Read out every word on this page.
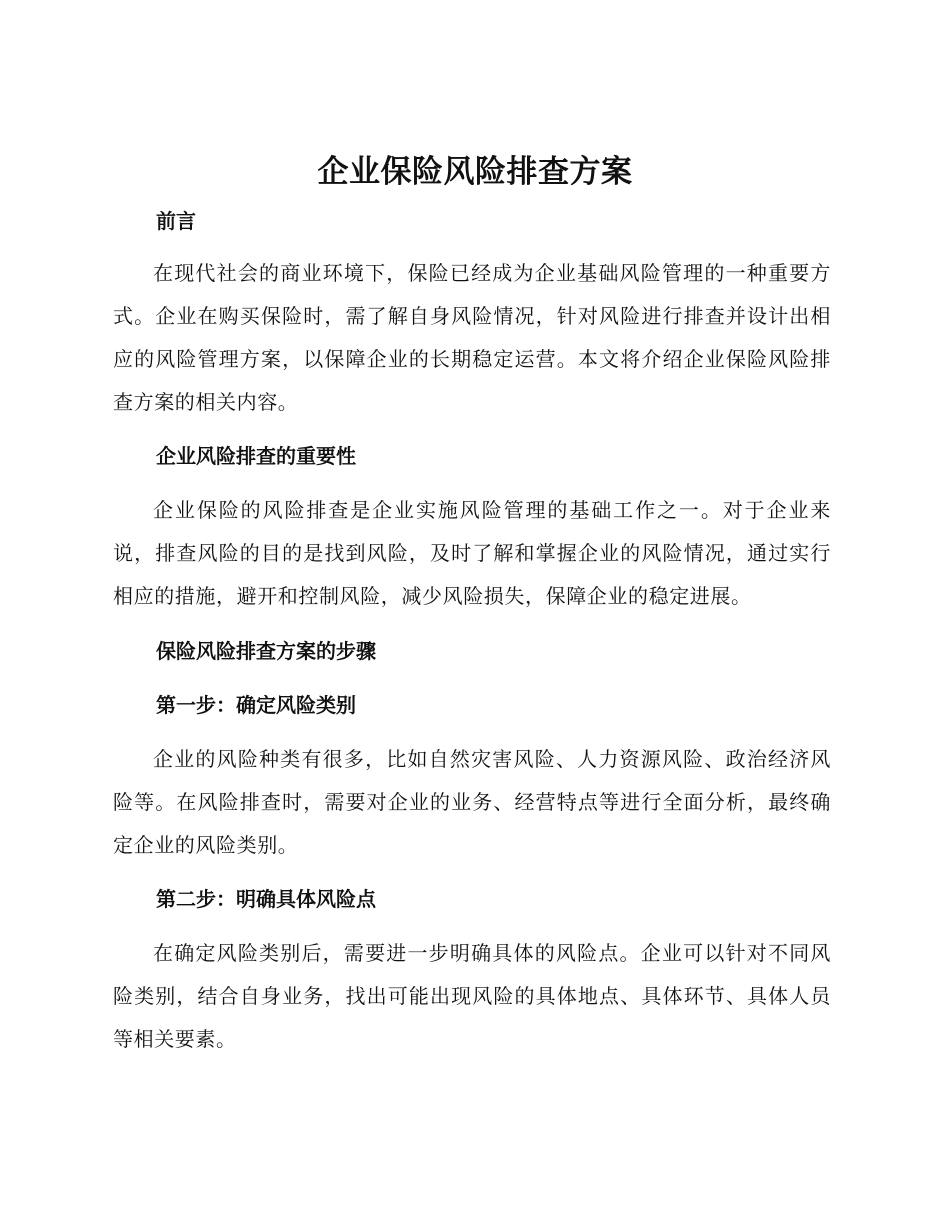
企业保险风险排查方案
前言

在现代社会的商业环境下，保险已经成为企业基础风险管理的一种重要方式。企业在购买保险时，需了解自身风险情况，针对风险进行排查并设计出相应的风险管理方案，以保障企业的长期稳定运营。本文将介绍企业保险风险排查方案的相关内容。

企业风险排查的重要性

企业保险的风险排查是企业实施风险管理的基础工作之一。对于企业来说，排查风险的目的是找到风险，及时了解和掌握企业的风险情况，通过实行相应的措施，避开和控制风险，减少风险损失，保障企业的稳定进展。

保险风险排查方案的步骤
第一步：确定风险类别

企业的风险种类有很多，比如自然灾害风险、人力资源风险、政治经济风险等。在风险排查时，需要对企业的业务、经营特点等进行全面分析，最终确定企业的风险类别。

第二步：明确具体风险点

在确定风险类别后，需要进一步明确具体的风险点。企业可以针对不同风险类别，结合自身业务，找出可能出现风险的具体地点、具体环节、具体人员等相关要素。
